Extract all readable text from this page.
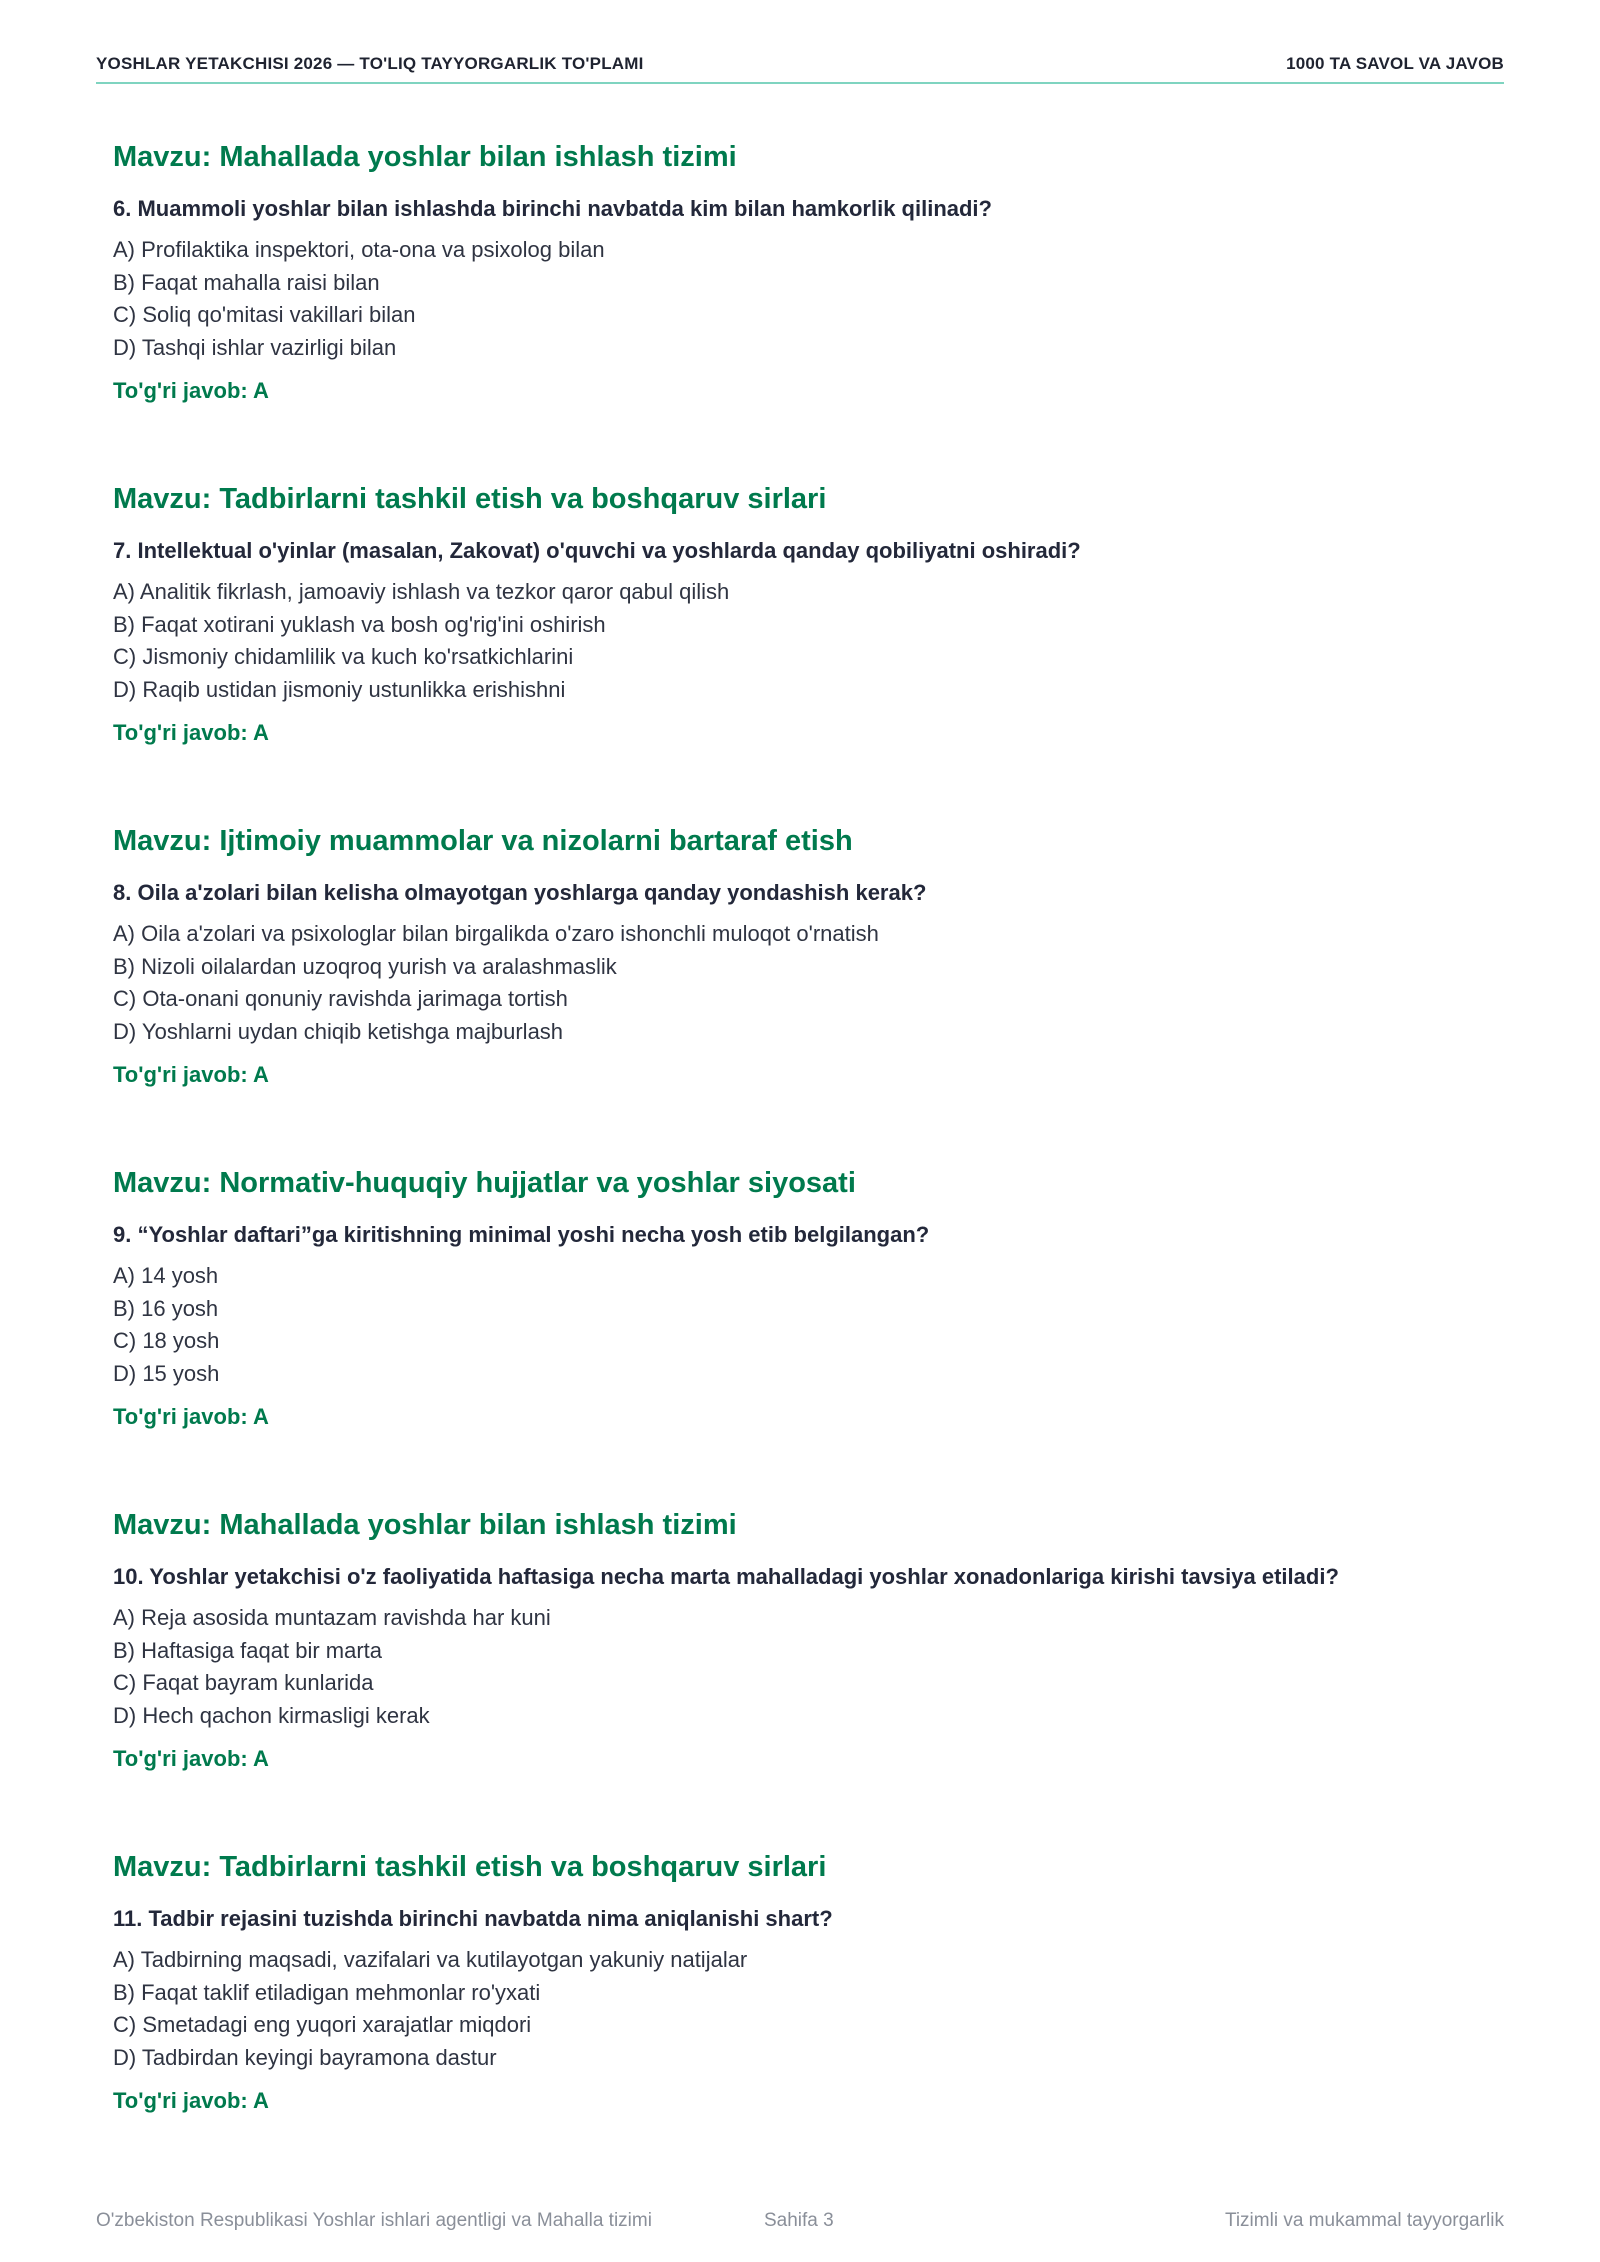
YOSHLAR YETAKCHISI 2026 — TO'LIQ TAYYORGARLIK TO'PLAMI	1000 TA SAVOL VA JAVOB
Mavzu: Mahallada yoshlar bilan ishlash tizimi
6. Muammoli yoshlar bilan ishlashda birinchi navbatda kim bilan hamkorlik qilinadi?
A) Profilaktika inspektori, ota-ona va psixolog bilan
B) Faqat mahalla raisi bilan
C) Soliq qo'mitasi vakillari bilan
D) Tashqi ishlar vazirligi bilan
To'g'ri javob: A
Mavzu: Tadbirlarni tashkil etish va boshqaruv sirlari
7. Intellektual o'yinlar (masalan, Zakovat) o'quvchi va yoshlarda qanday qobiliyatni oshiradi?
A) Analitik fikrlash, jamoaviy ishlash va tezkor qaror qabul qilish
B) Faqat xotirani yuklash va bosh og'rig'ini oshirish
C) Jismoniy chidamlilik va kuch ko'rsatkichlarini
D) Raqib ustidan jismoniy ustunlikka erishishni
To'g'ri javob: A
Mavzu: Ijtimoiy muammolar va nizolarni bartaraf etish
8. Oila a'zolari bilan kelisha olmayotgan yoshlarga qanday yondashish kerak?
A) Oila a'zolari va psixologlar bilan birgalikda o'zaro ishonchli muloqot o'rnatish
B) Nizoli oilalardan uzoqroq yurish va aralashmaslik
C) Ota-onani qonuniy ravishda jarimaga tortish
D) Yoshlarni uydan chiqib ketishga majburlash
To'g'ri javob: A
Mavzu: Normativ-huquqiy hujjatlar va yoshlar siyosati
9. “Yoshlar daftari”ga kiritishning minimal yoshi necha yosh etib belgilangan?
A) 14 yosh
B) 16 yosh
C) 18 yosh
D) 15 yosh
To'g'ri javob: A
Mavzu: Mahallada yoshlar bilan ishlash tizimi
10. Yoshlar yetakchisi o'z faoliyatida haftasiga necha marta mahalladagi yoshlar xonadonlariga kirishi tavsiya etiladi?
A) Reja asosida muntazam ravishda har kuni
B) Haftasiga faqat bir marta
C) Faqat bayram kunlarida
D) Hech qachon kirmasligi kerak
To'g'ri javob: A
Mavzu: Tadbirlarni tashkil etish va boshqaruv sirlari
11. Tadbir rejasini tuzishda birinchi navbatda nima aniqlanishi shart?
A) Tadbirning maqsadi, vazifalari va kutilayotgan yakuniy natijalar
B) Faqat taklif etiladigan mehmonlar ro'yxati
C) Smetadagi eng yuqori xarajatlar miqdori
D) Tadbirdan keyingi bayramona dastur
To'g'ri javob: A
O'zbekiston Respublikasi Yoshlar ishlari agentligi va Mahalla tizimi	Sahifa 3	Tizimli va mukammal tayyorgarlik
